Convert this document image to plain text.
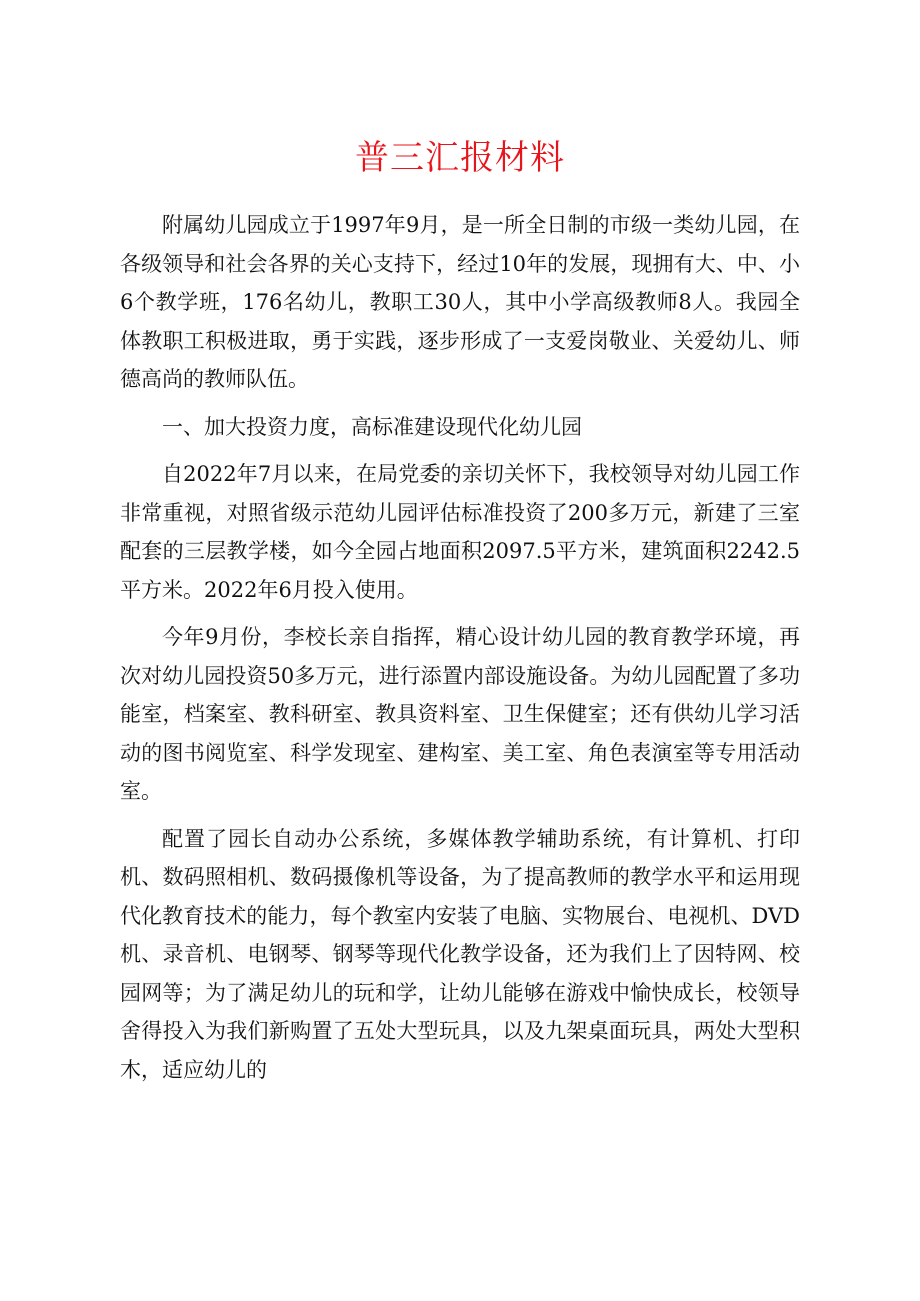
普三汇报材料

附属幼儿园成立于1997年9月，是一所全日制的市级一类幼儿园，在各级领导和社会各界的关心支持下，经过10年的发展，现拥有大、中、小6个教学班，176名幼儿，教职工30人，其中小学高级教师8人。我园全体教职工积极进取，勇于实践，逐步形成了一支爱岗敬业、关爱幼儿、师德高尚的教师队伍。

一、加大投资力度，高标准建设现代化幼儿园

自2022年7月以来，在局党委的亲切关怀下，我校领导对幼儿园工作非常重视，对照省级示范幼儿园评估标准投资了200多万元，新建了三室配套的三层教学楼，如今全园占地面积2097.5平方米，建筑面积2242.5平方米。2022年6月投入使用。

今年9月份，李校长亲自指挥，精心设计幼儿园的教育教学环境，再次对幼儿园投资50多万元，进行添置内部设施设备。为幼儿园配置了多功能室，档案室、教科研室、教具资料室、卫生保健室；还有供幼儿学习活动的图书阅览室、科学发现室、建构室、美工室、角色表演室等专用活动室。

配置了园长自动办公系统，多媒体教学辅助系统，有计算机、打印机、数码照相机、数码摄像机等设备，为了提高教师的教学水平和运用现代化教育技术的能力，每个教室内安装了电脑、实物展台、电视机、DVD机、录音机、电钢琴、钢琴等现代化教学设备，还为我们上了因特网、校园网等；为了满足幼儿的玩和学，让幼儿能够在游戏中愉快成长，校领导舍得投入为我们新购置了五处大型玩具，以及九架桌面玩具，两处大型积木，适应幼儿的
